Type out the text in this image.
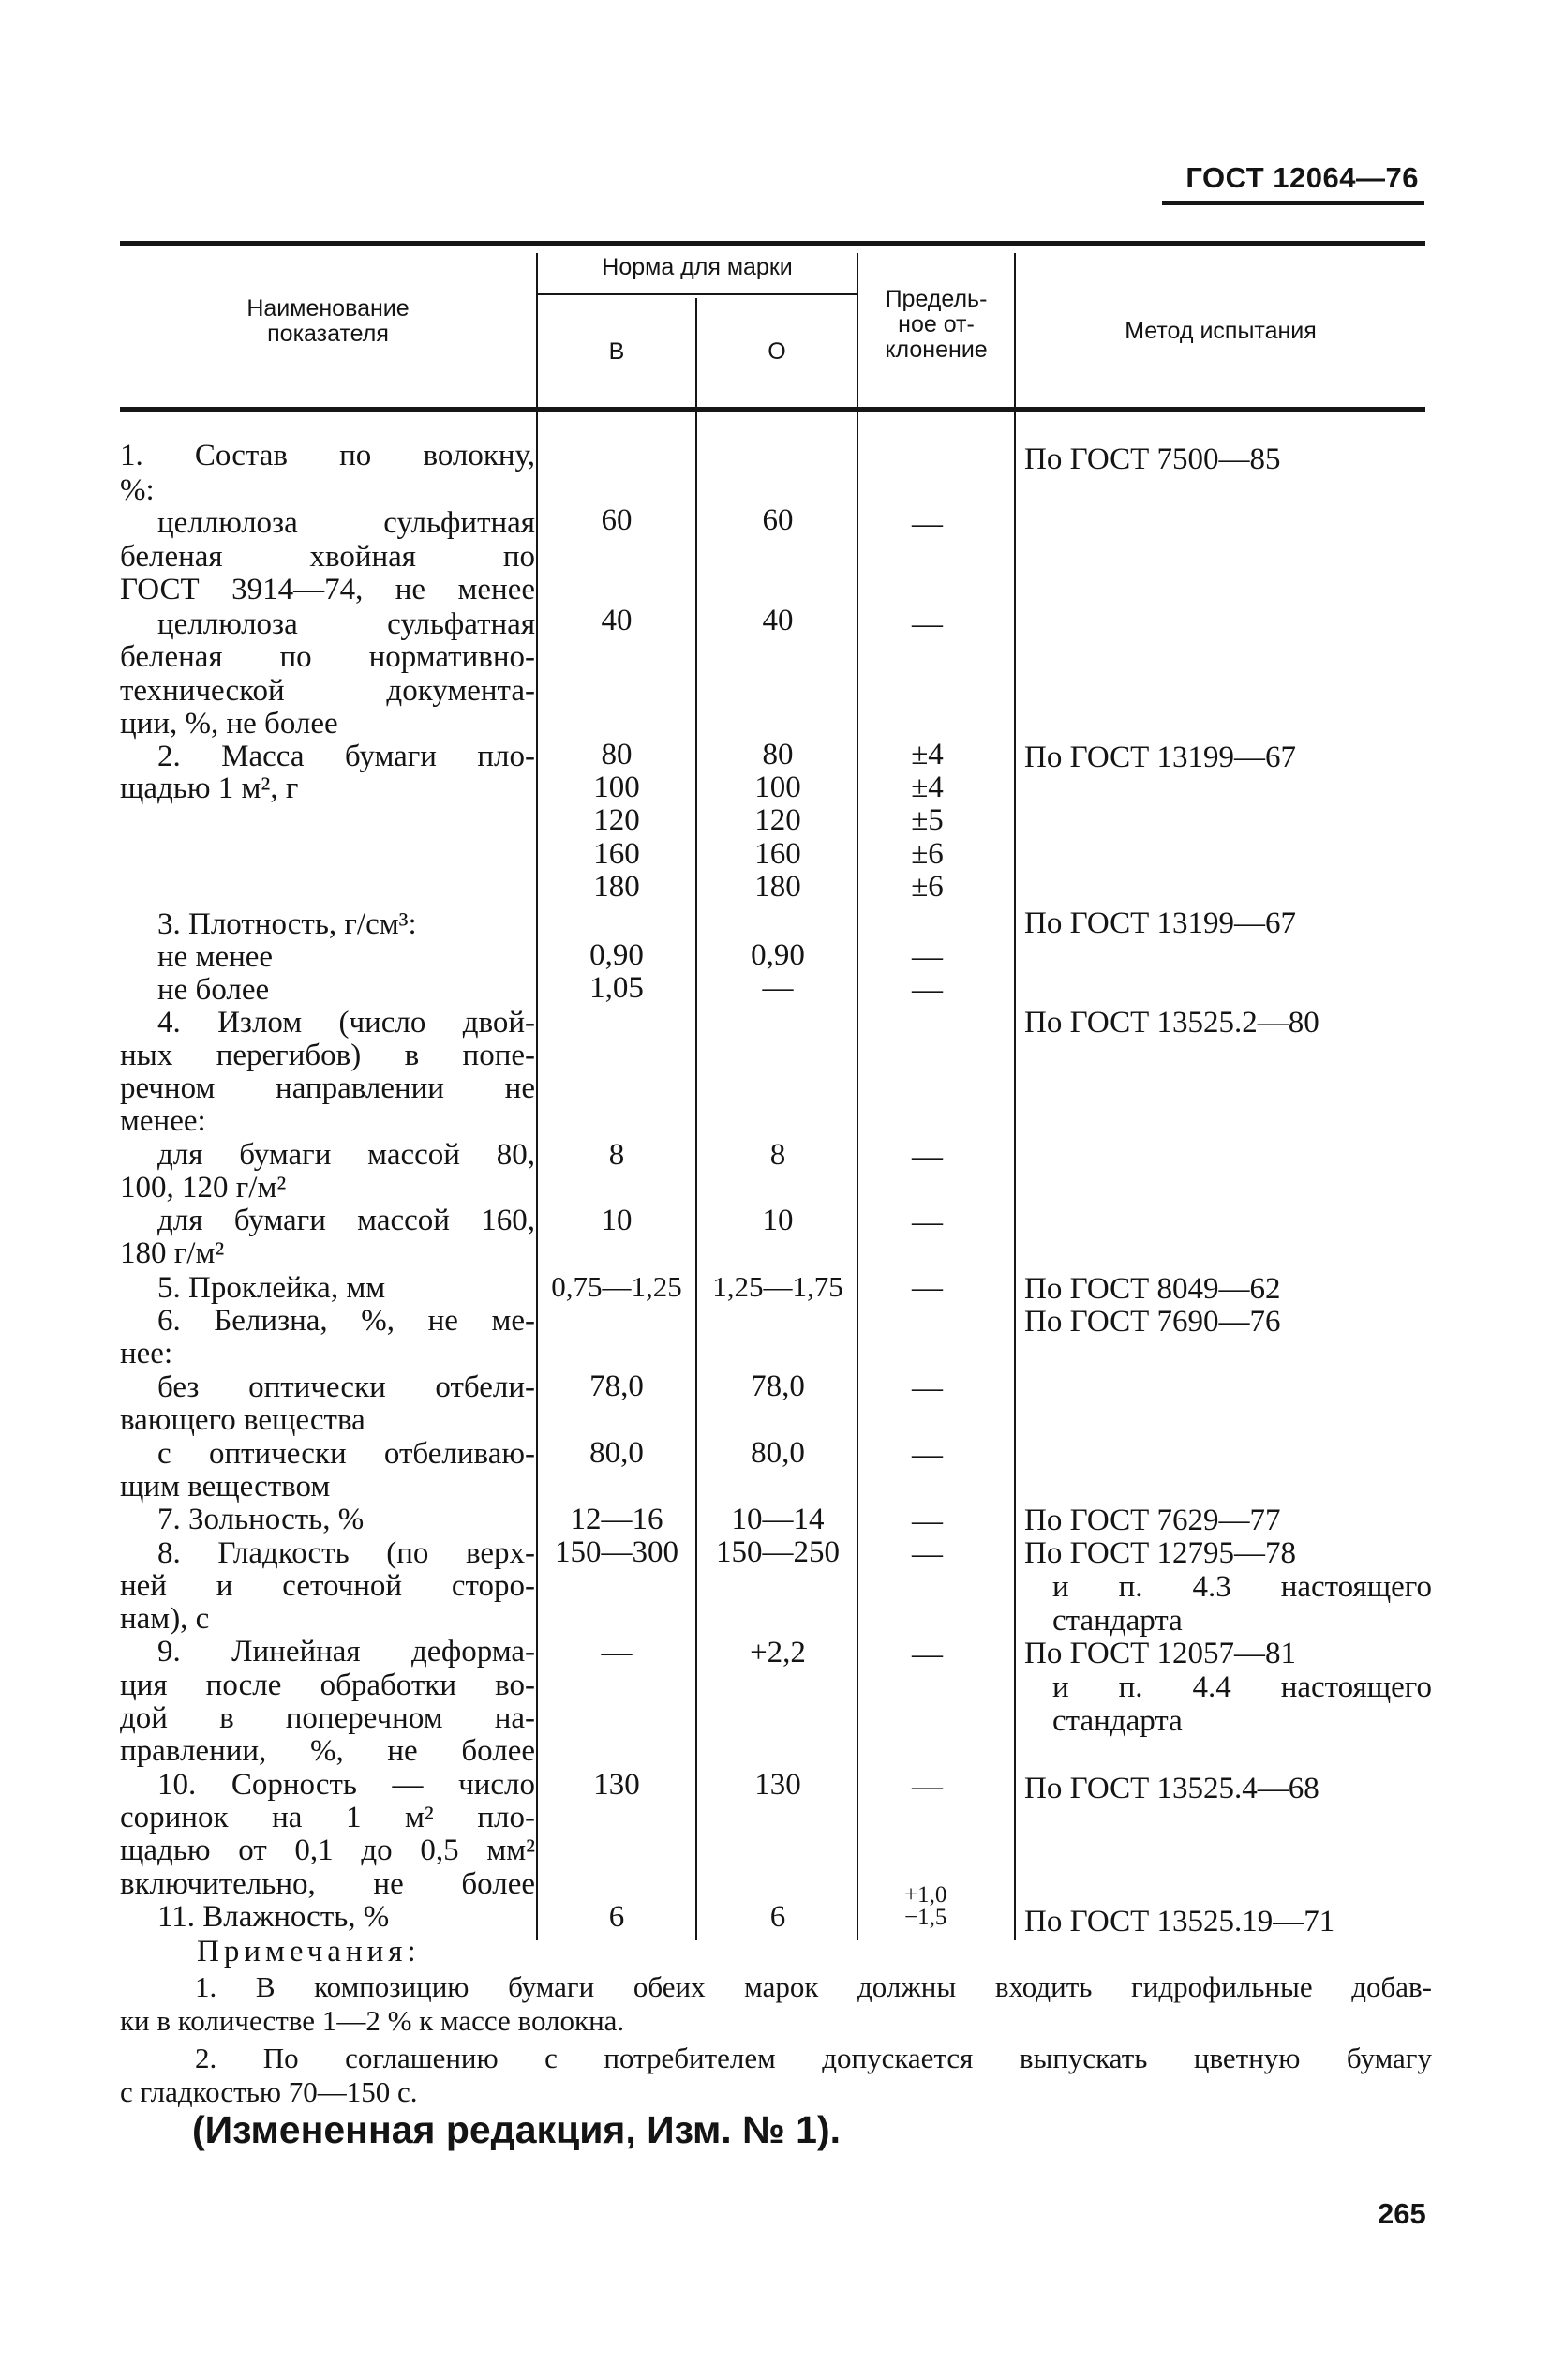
ГОСТ 12064—76
Наименование
показателя
Норма для марки
В	О
Предель-
ное от-
клонение
Метод испытания
1. Состав по волокну,
%:
целлюлоза сульфитная
беленая хвойная по
ГОСТ 3914—74, не менее
целлюлоза сульфатная
беленая по нормативно-
технической документа-
ции, %, не более
2. Масса бумаги пло-
щадью 1 м², г
3. Плотность, г/см³:
не менее
не более
4. Излом (число двой-
ных перегибов) в попе-
речном направлении не
менее:
для бумаги массой 80,
100, 120 г/м²
для бумаги массой 160,
180 г/м²
5. Проклейка, мм
6. Белизна, %, не ме-
нее:
без оптически отбели-
вающего вещества
с оптически отбеливаю-
щим веществом
7. Зольность, %
8. Гладкость (по верх-
ней и сеточной сторо-
нам), с
9. Линейная деформа-
ция после обработки во-
дой в поперечном на-
правлении, %, не более
10. Сорность — число
соринок на 1 м² пло-
щадью от 0,1 до 0,5 мм²
включительно, не более
11. Влажность, %
60
40
80
100
120
160
180
0,90
1,05
8
10
0,75—1,25
78,0
80,0
12—16
150—300
—
130
6
60
40
80
100
120
160
180
0,90
—
8
10
1,25—1,75
78,0
80,0
10—14
150—250
+2,2
130
6
—
—
±4
±4
±5
±6
±6
—
—
—
—
—
—
—
—
—
—
—
+1,0
−1,5
По ГОСТ 7500—85
По ГОСТ 13199—67
По ГОСТ 13199—67
По ГОСТ 13525.2—80
По ГОСТ 8049—62
По ГОСТ 7690—76
По ГОСТ 7629—77
По ГОСТ 12795—78
и п. 4.3 настоящего
стандарта
По ГОСТ 12057—81
и п. 4.4 настоящего
стандарта
По ГОСТ 13525.4—68
По ГОСТ 13525.19—71
Примечания:
1. В композицию бумаги обеих марок должны входить гидрофильные добав-
ки в количестве 1—2 % к массе волокна.
2. По соглашению с потребителем допускается выпускать цветную бумагу
с гладкостью 70—150 с.
(Измененная редакция, Изм. № 1).
265
